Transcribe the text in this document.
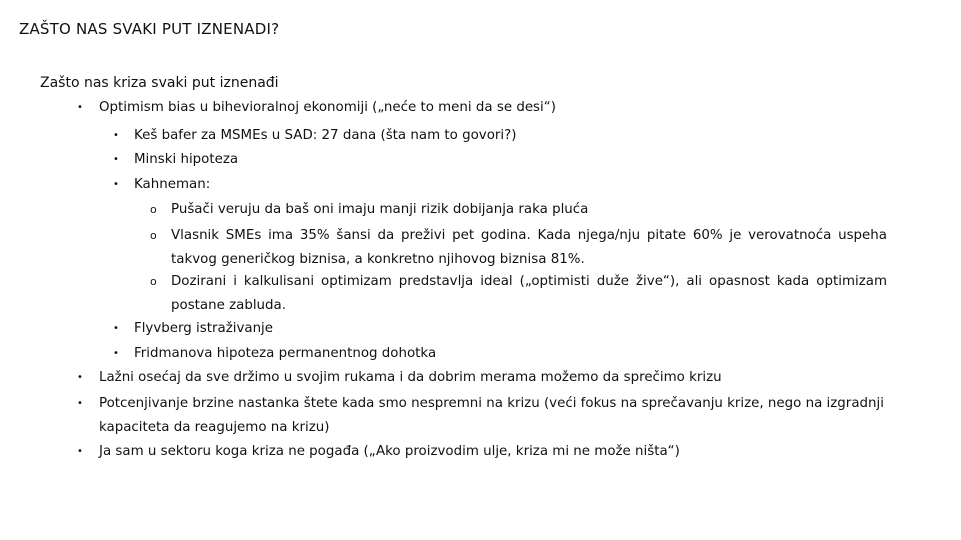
ZAŠTO NAS SVAKI PUT IZNENADI?
Zašto nas kriza svaki put iznenađi
• Optimism bias u bihevioralnoj ekonomiji („neće to meni da se desi“)
• Keš bafer za MSMEs u SAD: 27 dana (šta nam to govori?)
• Minski hipoteza
• Kahneman:
o Pušači veruju da baš oni imaju manji rizik dobijanja raka pluća
o Vlasnik SMEs ima 35% šansi da preživi pet godina. Kada njega/nju pitate 60% je verovatnoća uspeha takvog generičkog biznisa, a konkretno njihovog biznisa 81%.
o Dozirani i kalkulisani optimizam predstavlja ideal („optimisti duže žive“), ali opasnost kada optimizam postane zabluda.
• Flyvberg istraživanje
• Fridmanova hipoteza permanentnog dohotka
• Lažni osećaj da sve držimo u svojim rukama i da dobrim merama možemo da sprečimo krizu
• Potcenjivanje brzine nastanka štete kada smo nespremni na krizu (veći fokus na sprečavanju krize, nego na izgradnji kapaciteta da reagujemo na krizu)
• Ja sam u sektoru koga kriza ne pogađa („Ako proizvodim ulje, kriza mi ne može ništa“)
